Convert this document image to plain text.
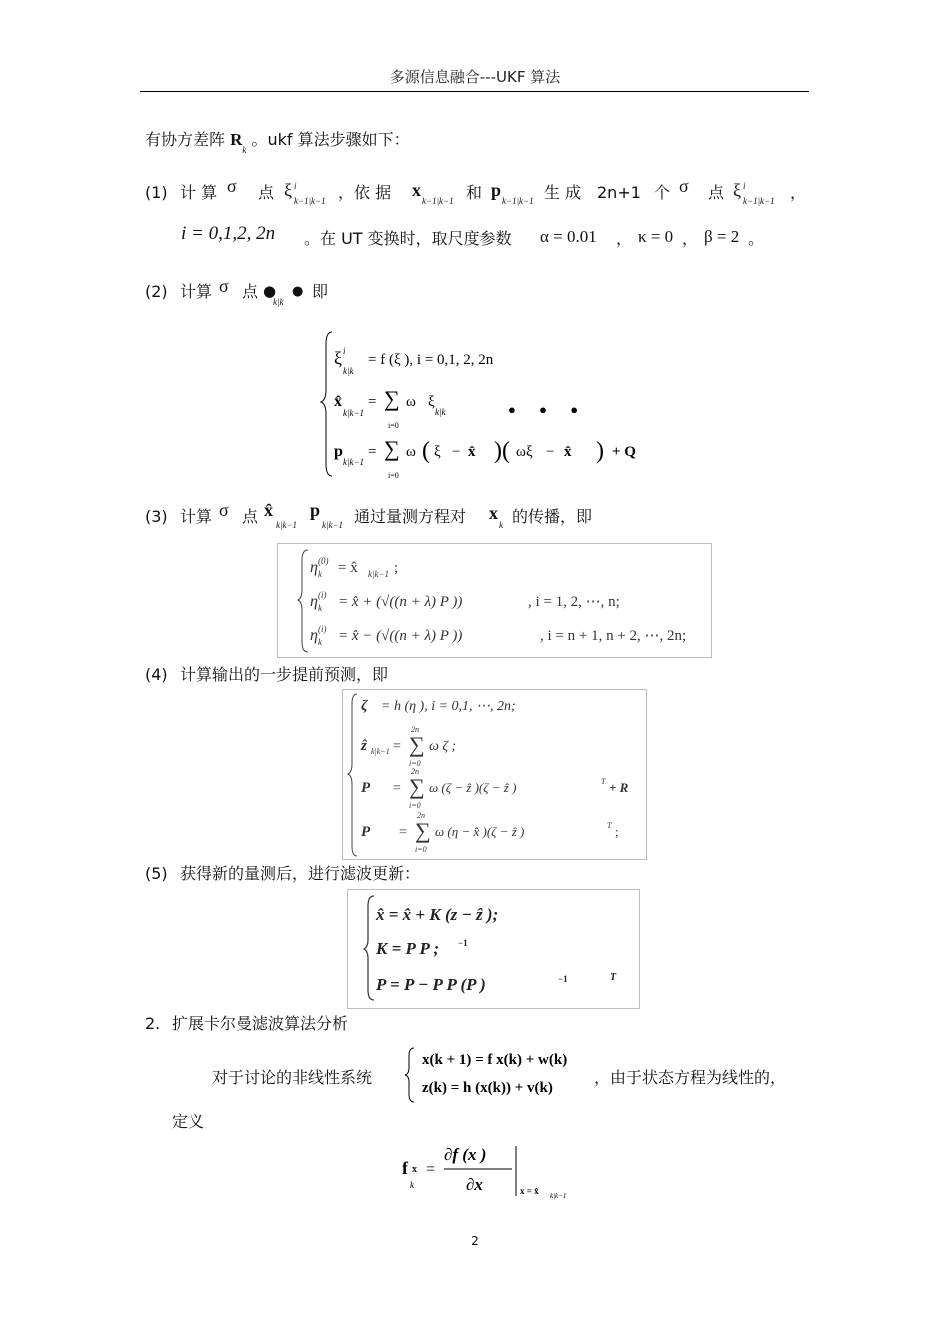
多源信息融合---UKF 算法
有协方差阵 $R_k$ 。ukf 算法步骤如下：
(1) 计 算 σ 点 ξ i
k−1|k−1 ，依 据 x
k−1|k−1 和 p
k−1|k−1 生 成 2n+1 个 σ 点 ξ i
k−1|k−1 ，
i = 0,1,2, 2n 。在 UT 变换时，取尺度参数 α = 0.01 ， κ = 0 ， β = 2 。
(2) 计算 σ 点 ●
k|k
● 即
ξ i
k|k
= f (ξ ), i = 0,1, 2, 2n
x̂
k|k−1
= ∑
i=0
ω ξ
k|k	● ● ●
p
k|k−1
= ∑
i=0
ω ( ξ − x̂ )( ω ξ − x̂ ) + Q
(3) 计算 σ 点 x̂
k|k−1
p
k|k−1 通过量测方程对 x
k 的传播，即
η (0)
k = x̂ k|k−1 ;
η (i)
k = x̂ + (√((n + λ) P ))	, i = 1, 2, ⋯, n;
η (i)
k = x̂ − (√((n + λ) P ))	, i = n + 1, n + 2, ⋯, 2n;
(4) 计算输出的一步提前预测，即
ζ = h (η ), i = 0,1, ⋯, 2n;
ẑ k|k−1 = ∑
2n
i=0
ω ζ ;
P = ∑
2n
i=0
ω (ζ − ẑ )(ζ − ẑ )	T + R
P = ∑
2n
i=0
ω (η − x̂ )(ζ − ẑ )	T ;
(5) 获得新的量测后，进行滤波更新：
x̂ = x̂ + K (z − ẑ );
K = P P ; −1
P = P − P P (P )	−1	T
2. 扩展卡尔曼滤波算法分析
对于讨论的非线性系统
x(k + 1) = f x(k) + w(k)
z(k) = h (x(k)) + v(k)
，由于状态方程为线性的，
定义
f x
k
=
∂f (x )
∂x	x = x̂ k|k−1
2
